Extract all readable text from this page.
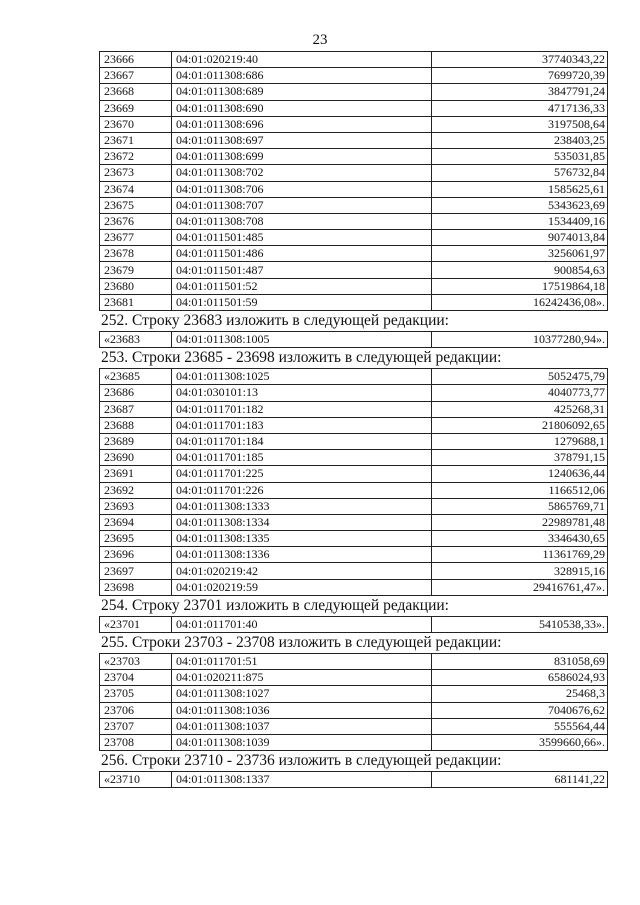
23
23666	04:01:020219:40	37740343,22
23667	04:01:011308:686	7699720,39
23668	04:01:011308:689	3847791,24
23669	04:01:011308:690	4717136,33
23670	04:01:011308:696	3197508,64
23671	04:01:011308:697	238403,25
23672	04:01:011308:699	535031,85
23673	04:01:011308:702	576732,84
23674	04:01:011308:706	1585625,61
23675	04:01:011308:707	5343623,69
23676	04:01:011308:708	1534409,16
23677	04:01:011501:485	9074013,84
23678	04:01:011501:486	3256061,97
23679	04:01:011501:487	900854,63
23680	04:01:011501:52	17519864,18
23681	04:01:011501:59	16242436,08».
252. Строку 23683 изложить в следующей редакции:
«23683	04:01:011308:1005	10377280,94».
253. Строки 23685 - 23698 изложить в следующей редакции:
«23685	04:01:011308:1025	5052475,79
23686	04:01:030101:13	4040773,77
23687	04:01:011701:182	425268,31
23688	04:01:011701:183	21806092,65
23689	04:01:011701:184	1279688,1
23690	04:01:011701:185	378791,15
23691	04:01:011701:225	1240636,44
23692	04:01:011701:226	1166512,06
23693	04:01:011308:1333	5865769,71
23694	04:01:011308:1334	22989781,48
23695	04:01:011308:1335	3346430,65
23696	04:01:011308:1336	11361769,29
23697	04:01:020219:42	328915,16
23698	04:01:020219:59	29416761,47».
254. Строку 23701 изложить в следующей редакции:
«23701	04:01:011701:40	5410538,33».
255. Строки 23703 - 23708 изложить в следующей редакции:
«23703	04:01:011701:51	831058,69
23704	04:01:020211:875	6586024,93
23705	04:01:011308:1027	25468,3
23706	04:01:011308:1036	7040676,62
23707	04:01:011308:1037	555564,44
23708	04:01:011308:1039	3599660,66».
256. Строки 23710 - 23736 изложить в следующей редакции:
«23710	04:01:011308:1337	681141,22
